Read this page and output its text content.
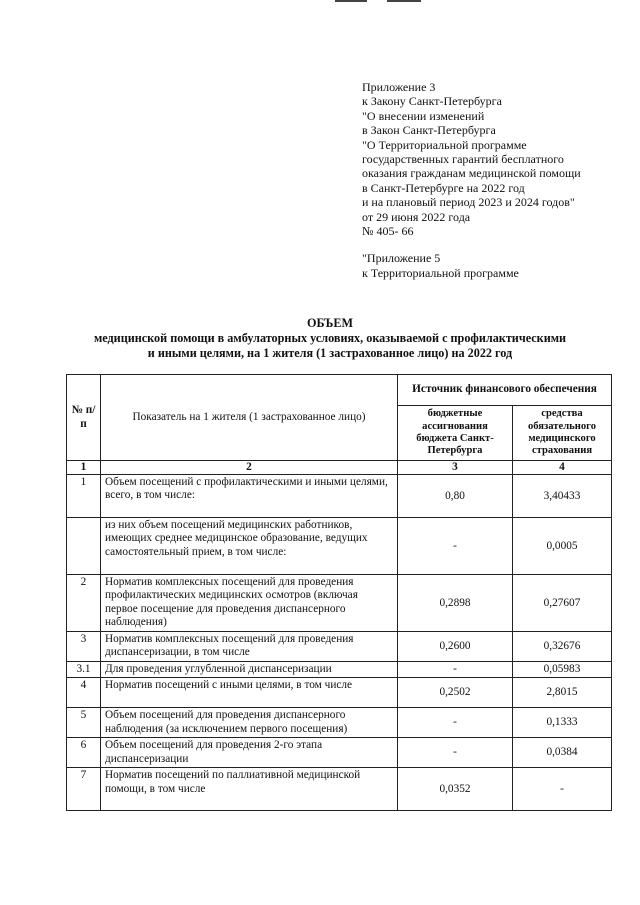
Приложение 3
к Закону Санкт-Петербурга
"О внесении изменений
в Закон Санкт-Петербурга
"О Территориальной программе
государственных гарантий бесплатного
оказания гражданам медицинской помощи
в Санкт-Петербурге на 2022 год
и на плановый период 2023 и 2024 годов"
от 29 июня 2022 года
№ 405- 66
"Приложение 5
к Территориальной программе
ОБЪЕМ
медицинской помощи в амбулаторных условиях, оказываемой с профилактическими
и иными целями, на 1 жителя (1 застрахованное лицо) на 2022 год
№ п/п	Показатель на 1 жителя (1 застрахованное лицо)	Источник финансового обеспечения	
		бюджетные ассигнования бюджета Санкт-Петербурга	средства обязательного медицинского страхования
1	2	3	4
1	Объем посещений с профилактическими и иными целями, всего, в том числе:	0,80	3,40433
	из них объем посещений медицинских работников, имеющих среднее медицинское образование, ведущих самостоятельный прием, в том числе:	-	0,0005
2	Норматив комплексных посещений для проведения профилактических медицинских осмотров (включая первое посещение для проведения диспансерного наблюдения)	0,2898	0,27607
3	Норматив комплексных посещений для проведения диспансеризации, в том числе	0,2600	0,32676
3.1	Для проведения углубленной диспансеризации	-	0,05983
4	Норматив посещений с иными целями, в том числе	0,2502	2,8015
5	Объем посещений для проведения диспансерного наблюдения (за исключением первого посещения)	-	0,1333
6	Объем посещений для проведения 2-го этапа диспансеризации	-	0,0384
7	Норматив посещений по паллиативной медицинской помощи, в том числе	0,0352	-
